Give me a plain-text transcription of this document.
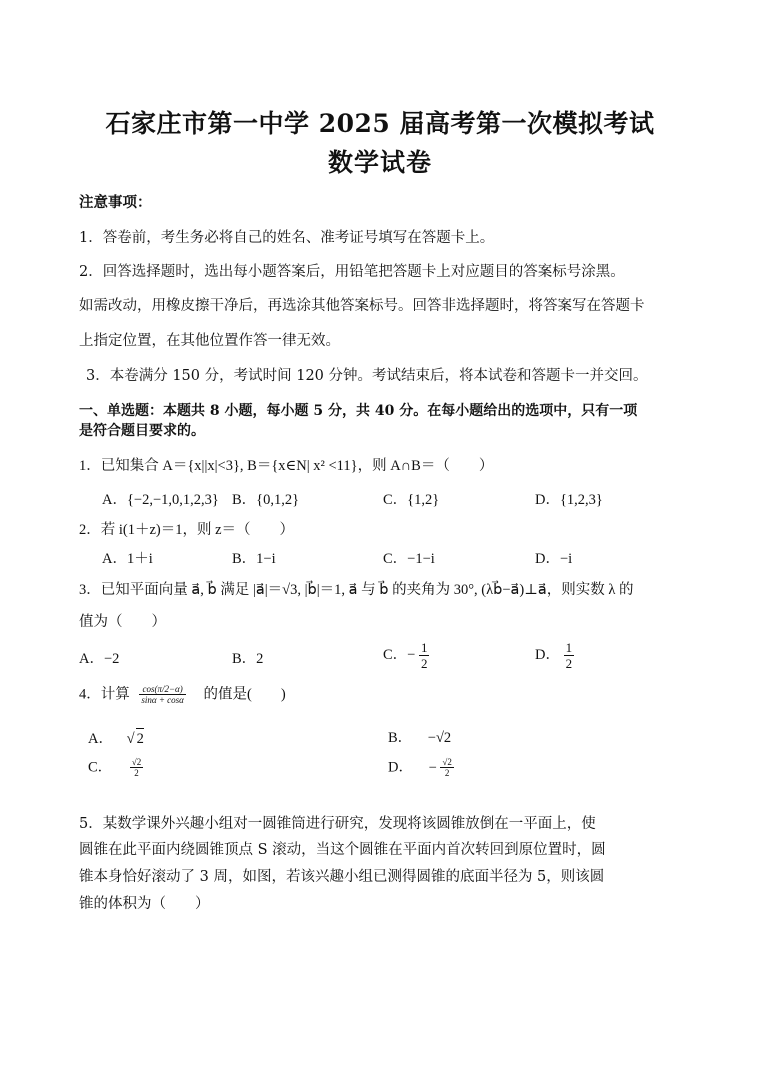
石家庄市第一中学 2025 届高考第一次模拟考试
数学试卷
注意事项：
1．答卷前，考生务必将自己的姓名、准考证号填写在答题卡上。
2．回答选择题时，选出每小题答案后，用铅笔把答题卡上对应题目的答案标号涂黑。
如需改动，用橡皮擦干净后，再选涂其他答案标号。回答非选择题时，将答案写在答题卡
上指定位置，在其他位置作答一律无效。
3．本卷满分 150 分，考试时间 120 分钟。考试结束后，将本试卷和答题卡一并交回。
一、单选题：本题共 8 小题，每小题 5 分，共 40 分。在每小题给出的选项中，只有一项
是符合题目要求的。
1．已知集合 A＝{x||x|<3}, B＝{x∈N| x² <11}，则 A∩B＝（　　）
A．{−2,−1,0,1,2,3} B．{0,1,2}	C．{1,2}	D．{1,2,3}
2．若 i(1＋z)＝1，则 z＝（　　）
A．1＋i	B．1−i	C．−1−i	D．−i
3．已知平面向量 a⃗, b⃗ 满足 |a⃗|＝√3, |b⃗|＝1, a⃗ 与 b⃗ 的夹角为 30°, (λb⃗−a⃗)⊥a⃗，则实数 λ 的
值为（　　）
A．−2	B．2	C．− $\frac{1}{2}$	D． $\frac{1}{2}$
4．计算 $\frac{\cos(\pi/2-\alpha)}{\sin\alpha + \cos\alpha}$ 的值是(　　)
A． √ 2	B． −√2
C． $\frac{√2}{2}$	D． − $\frac{√2}{2}$
5．某数学课外兴趣小组对一圆锥筒进行研究，发现将该圆锥放倒在一平面上，使
圆锥在此平面内绕圆锥顶点 S 滚动，当这个圆锥在平面内首次转回到原位置时，圆
锥本身恰好滚动了 3 周，如图，若该兴趣小组已测得圆锥的底面半径为 5，则该圆
锥的体积为（　　）
